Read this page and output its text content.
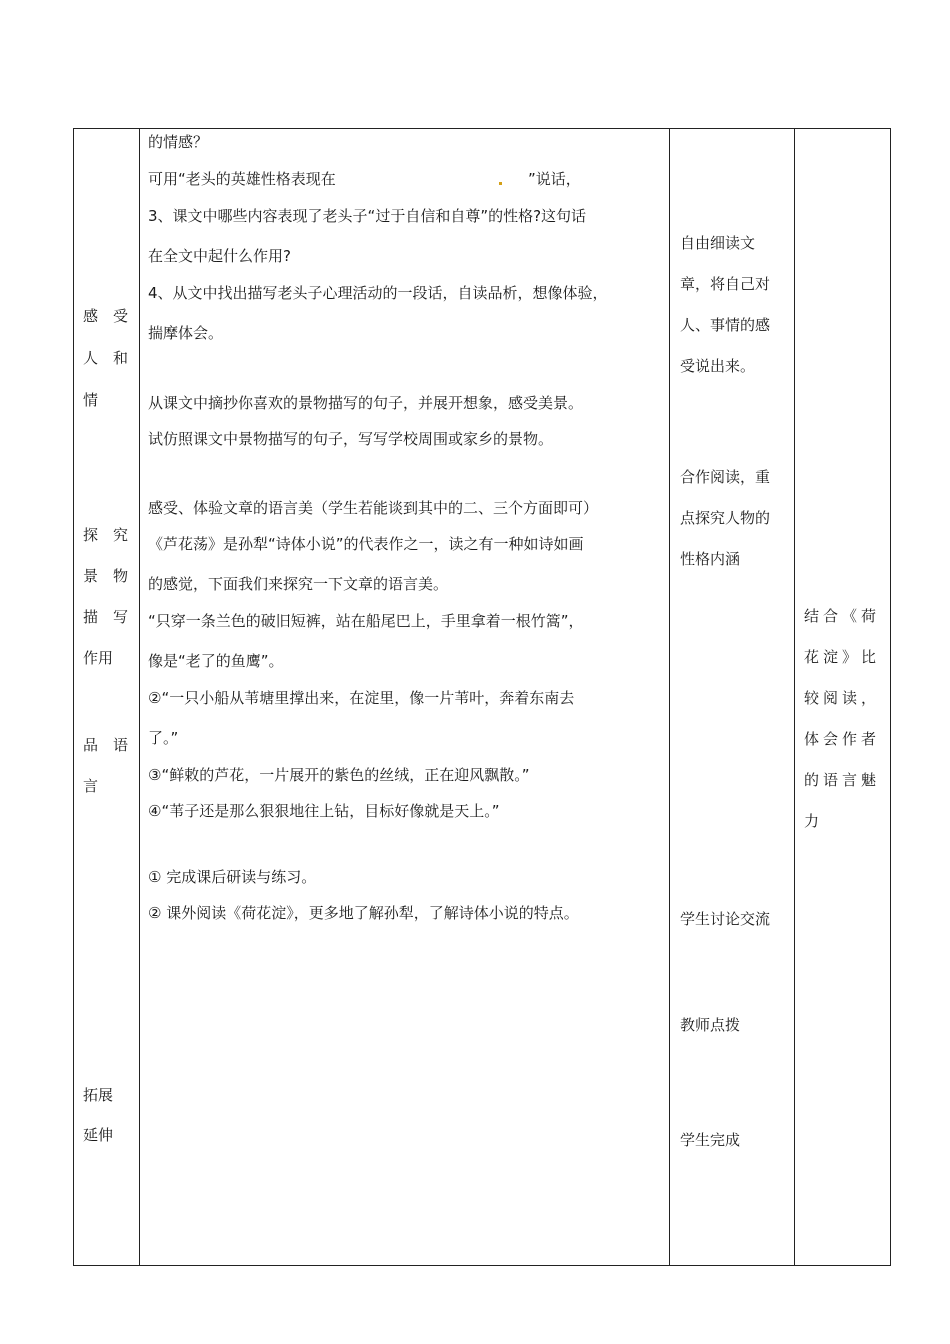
感受
人和
情
探究
景物
描写
作用
品语
言
拓展
延伸
的情感？
可用“老头的英雄性格表现在	”说话，
3、课文中哪些内容表现了老头子“过于自信和自尊”的性格?这句话
在全文中起什么作用?
4、从文中找出描写老头子心理活动的一段话，自读品析，想像体验，
揣摩体会。
从课文中摘抄你喜欢的景物描写的句子，并展开想象，感受美景。
试仿照课文中景物描写的句子，写写学校周围或家乡的景物。
感受、体验文章的语言美（学生若能谈到其中的二、三个方面即可）
《芦花荡》是孙犁“诗体小说”的代表作之一，读之有一种如诗如画
的感觉，下面我们来探究一下文章的语言美。
“只穿一条兰色的破旧短裤，站在船尾巴上，手里拿着一根竹篙”，
像是“老了的鱼鹰”。
②“一只小船从苇塘里撑出来，在淀里，像一片苇叶，奔着东南去
了。”
③“鲜敕的芦花，一片展开的紫色的丝绒，正在迎风飘散。”
④“苇子还是那么狠狠地往上钻，目标好像就是天上。”
① 完成课后研读与练习。
② 课外阅读《荷花淀》，更多地了解孙犁，了解诗体小说的特点。
自由细读文
章，将自己对
人、事情的感
受说出来。
合作阅读，重
点探究人物的
性格内涵
学生讨论交流
教师点拨
学生完成
结合《荷
花淀》比
较阅读，
体会作者
的语言魅
力
